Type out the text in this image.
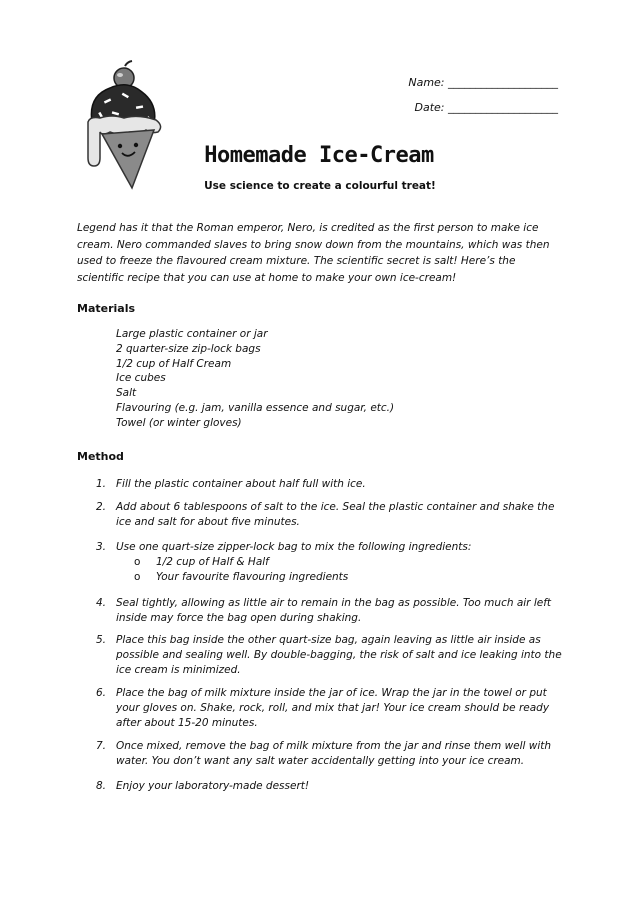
Name: ____________________
Date: ____________________
Homemade Ice-Cream
Use science to create a colourful treat!

Legend has it that the Roman emperor, Nero, is credited as the first person to make ice cream. Nero commanded slaves to bring snow down from the mountains, which was then used to freeze the flavoured cream mixture. The scientific secret is salt! Here’s the scientific recipe that you can use at home to make your own ice-cream!

Materials
Large plastic container or jar
2 quarter-size zip-lock bags
1/2 cup of Half Cream
Ice cubes
Salt
Flavouring (e.g. jam, vanilla essence and sugar, etc.)
Towel (or winter gloves)
Method
1. Fill the plastic container about half full with ice.
2. Add about 6 tablespoons of salt to the ice. Seal the plastic container and shake the ice and salt for about five minutes.
3. Use one quart-size zipper-lock bag to mix the following ingredients:
o 1/2 cup of Half & Half
o Your favourite flavouring ingredients
4. Seal tightly, allowing as little air to remain in the bag as possible. Too much air left inside may force the bag open during shaking.
5. Place this bag inside the other quart-size bag, again leaving as little air inside as possible and sealing well. By double-bagging, the risk of salt and ice leaking into the ice cream is minimized.
6. Place the bag of milk mixture inside the jar of ice. Wrap the jar in the towel or put your gloves on. Shake, rock, roll, and mix that jar! Your ice cream should be ready after about 15-20 minutes.
7. Once mixed, remove the bag of milk mixture from the jar and rinse them well with water. You don’t want any salt water accidentally getting into your ice cream.
8. Enjoy your laboratory-made dessert!
